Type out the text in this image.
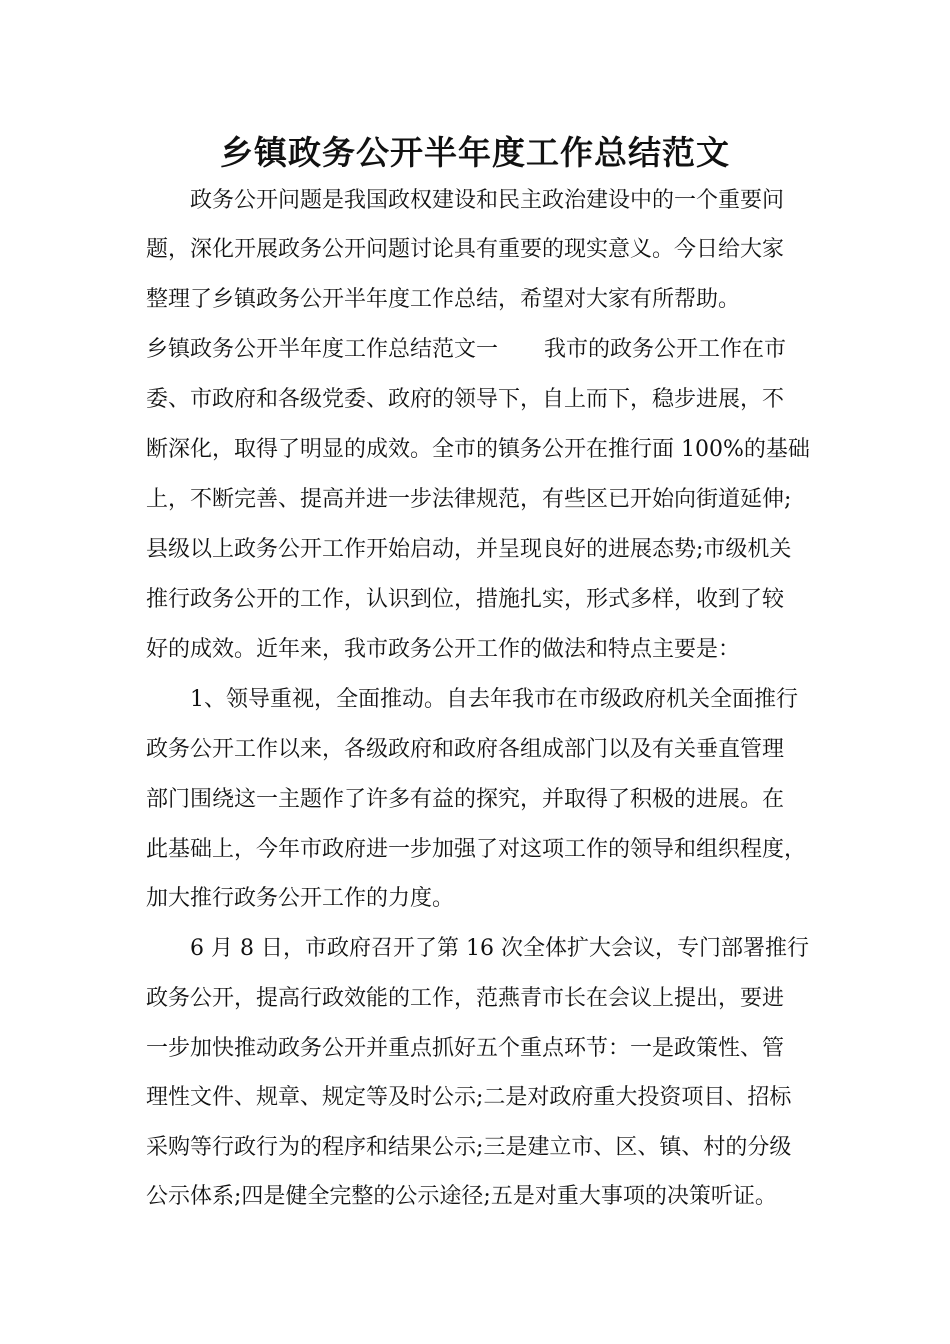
乡镇政务公开半年度工作总结范文

政务公开问题是我国政权建设和民主政治建设中的一个重要问

题，深化开展政务公开问题讨论具有重要的现实意义。今日给大家

整理了乡镇政务公开半年度工作总结，希望对大家有所帮助。

乡镇政务公开半年度工作总结范文一 我市的政务公开工作在市

委、市政府和各级党委、政府的领导下，自上而下，稳步进展，不

断深化，取得了明显的成效。全市的镇务公开在推行面 100%的基础

上，不断完善、提高并进一步法律规范，有些区已开始向街道延伸;

县级以上政务公开工作开始启动，并呈现良好的进展态势;市级机关

推行政务公开的工作，认识到位，措施扎实，形式多样，收到了较

好的成效。近年来，我市政务公开工作的做法和特点主要是：

1、领导重视，全面推动。自去年我市在市级政府机关全面推行

政务公开工作以来，各级政府和政府各组成部门以及有关垂直管理

部门围绕这一主题作了许多有益的探究，并取得了积极的进展。在

此基础上，今年市政府进一步加强了对这项工作的领导和组织程度，

加大推行政务公开工作的力度。

6 月 8 日，市政府召开了第 16 次全体扩大会议，专门部署推行

政务公开，提高行政效能的工作，范燕青市长在会议上提出，要进

一步加快推动政务公开并重点抓好五个重点环节：一是政策性、管

理性文件、规章、规定等及时公示;二是对政府重大投资项目、招标

采购等行政行为的程序和结果公示;三是建立市、区、镇、村的分级

公示体系;四是健全完整的公示途径;五是对重大事项的决策听证。
